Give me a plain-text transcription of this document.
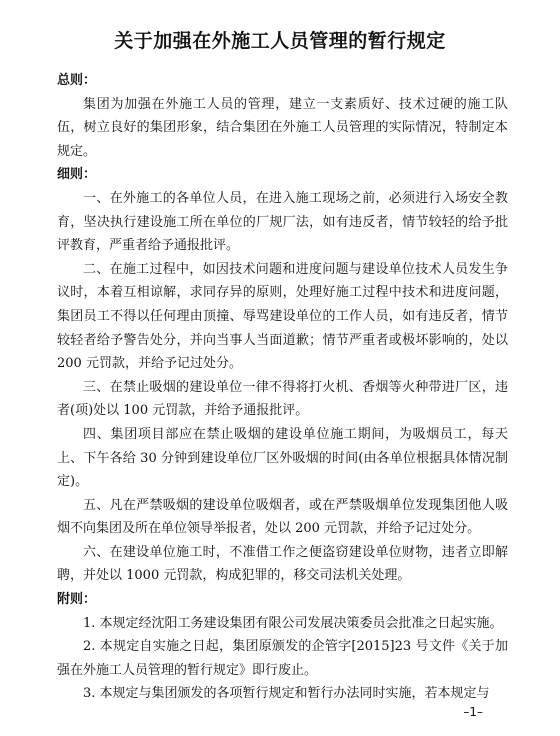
关于加强在外施工人员管理的暂行规定

总则：

集团为加强在外施工人员的管理，建立一支素质好、技术过硬的施工队伍，树立良好的集团形象，结合集团在外施工人员管理的实际情况，特制定本规定。

细则：

一、在外施工的各单位人员，在进入施工现场之前，必须进行入场安全教育，坚决执行建设施工所在单位的厂规厂法，如有违反者，情节较轻的给予批评教育，严重者给予通报批评。

二、在施工过程中，如因技术问题和进度问题与建设单位技术人员发生争议时，本着互相谅解，求同存异的原则，处理好施工过程中技术和进度问题，集团员工不得以任何理由顶撞、辱骂建设单位的工作人员，如有违反者，情节较轻者给予警告处分，并向当事人当面道歉；情节严重者或极坏影响的，处以 200 元罚款，并给予记过处分。

三、在禁止吸烟的建设单位一律不得将打火机、香烟等火种带进厂区，违者(项)处以 100 元罚款，并给予通报批评。

四、集团项目部应在禁止吸烟的建设单位施工期间，为吸烟员工，每天上、下午各给 30 分钟到建设单位厂区外吸烟的时间(由各单位根据具体情况制定)。

五、凡在严禁吸烟的建设单位吸烟者，或在严禁吸烟单位发现集团他人吸烟不向集团及所在单位领导举报者，处以 200 元罚款，并给予记过处分。

六、在建设单位施工时，不准借工作之便盗窃建设单位财物，违者立即解聘，并处以 1000 元罚款，构成犯罪的，移交司法机关处理。

附则：

1. 本规定经沈阳工务建设集团有限公司发展决策委员会批准之日起实施。

2. 本规定自实施之日起，集团原颁发的企管字[2015]23 号文件《关于加强在外施工人员管理的暂行规定》即行废止。

3. 本规定与集团颁发的各项暂行规定和暂行办法同时实施，若本规定与

–1–
